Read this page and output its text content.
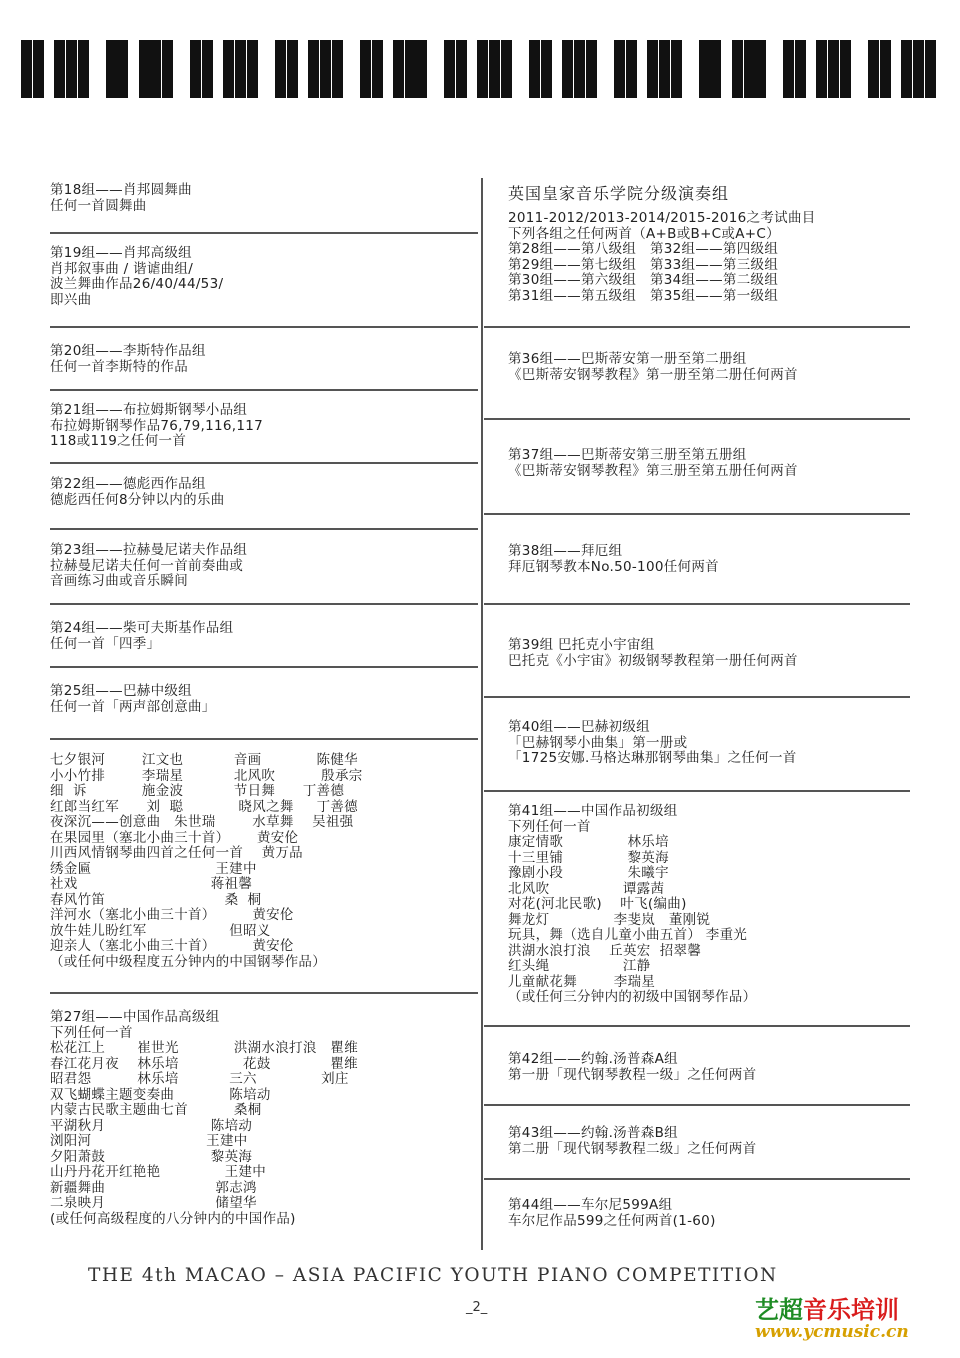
第18组——肖邦圆舞曲
任何一首圆舞曲
第19组——肖邦高级组
肖邦叙事曲 / 谐谑曲组/
波兰舞曲作品26/40/44/53/
即兴曲
第20组——李斯特作品组
任何一首李斯特的作品
第21组——布拉姆斯钢琴小品组
布拉姆斯钢琴作品76,79,116,117
118或119之任何一首
第22组——德彪西作品组
德彪西任何8分钟以内的乐曲
第23组——拉赫曼尼诺夫作品组
拉赫曼尼诺夫任何一首前奏曲或
音画练习曲或音乐瞬间
第24组——柴可夫斯基作品组
任何一首「四季」
第25组——巴赫中级组
任何一首「两声部创意曲」
七夕银河        江文也           音画            陈健华
小小竹排        李瑞星           北风吹          殷承宗
细  诉            施金波           节日舞      丁善德
红郎当红军      刘  聪            晓风之舞     丁善德
夜深沉——创意曲   朱世瑞        水草舞    吴祖强
在果园里（塞北小曲三十首）      黄安伦
川西风情钢琴曲四首之任何一首    黄万品
绣金匾                           王建中
社戏                             蒋祖馨
春风竹笛                          桑  桐
洋河水（塞北小曲三十首）        黄安伦
放牛娃儿盼红军                  但昭义
迎亲人（塞北小曲三十首）        黄安伦
（或任何中级程度五分钟内的中国钢琴作品）
第27组——中国作品高级组
下列任何一首
松花江上       崔世光            洪湖水浪打浪   瞿维
春江花月夜    林乐培              花鼓             瞿维
昭君怨          林乐培           三六              刘庄
双飞蝴蝶主题变奏曲            陈培动
内蒙古民歌主题曲七首          桑桐
平湖秋月                       陈培动
浏阳河                         王建中
夕阳萧鼓                       黎英海
山丹丹花开红艳艳              王建中
新疆舞曲                        郭志鸿
二泉映月                        储望华
(或任何高级程度的八分钟内的中国作品)
英国皇家音乐学院分级演奏组
2011-2012/2013-2014/2015-2016之考试曲目
下列各组之任何两首（A+B或B+C或A+C）
第28组——第八级组   第32组——第四级组
第29组——第七级组   第33组——第三级组
第30组——第六级组   第34组——第二级组
第31组——第五级组   第35组——第一级组
第36组——巴斯蒂安第一册至第二册组
《巴斯蒂安钢琴教程》第一册至第二册任何两首
第37组——巴斯蒂安第三册至第五册组
《巴斯蒂安钢琴教程》第三册至第五册任何两首
第38组——拜厄组
拜厄钢琴教本No.50-100任何两首
第39组 巴托克小宇宙组
巴托克《小宇宙》初级钢琴教程第一册任何两首
第40组——巴赫初级组
「巴赫钢琴小曲集」第一册或
「1725安娜.马格达琳那钢琴曲集」之任何一首
第41组——中国作品初级组
下列任何一首
康定情歌              林乐培
十三里铺              黎英海
豫剧小段              朱曦宇
北风吹                谭露茜
对花(河北民歌)    叶飞(编曲)
舞龙灯              李斐岚   董刚锐
玩具，舞（选自儿童小曲五首） 李重光
洪湖水浪打浪    丘英宏  招翠馨
红头绳                江静
儿童献花舞        李瑞星
（或任何三分钟内的初级中国钢琴作品）
第42组——约翰.汤普森A组
第一册「现代钢琴教程一级」之任何两首
第43组——约翰.汤普森B组
第二册「现代钢琴教程二级」之任何两首
第44组——车尔尼599A组
车尔尼作品599之任何两首(1-60)
THE 4th MACAO – ASIA PACIFIC YOUTH PIANO COMPETITION
_2_	艺超音乐培训
www.ycmusic.cn
